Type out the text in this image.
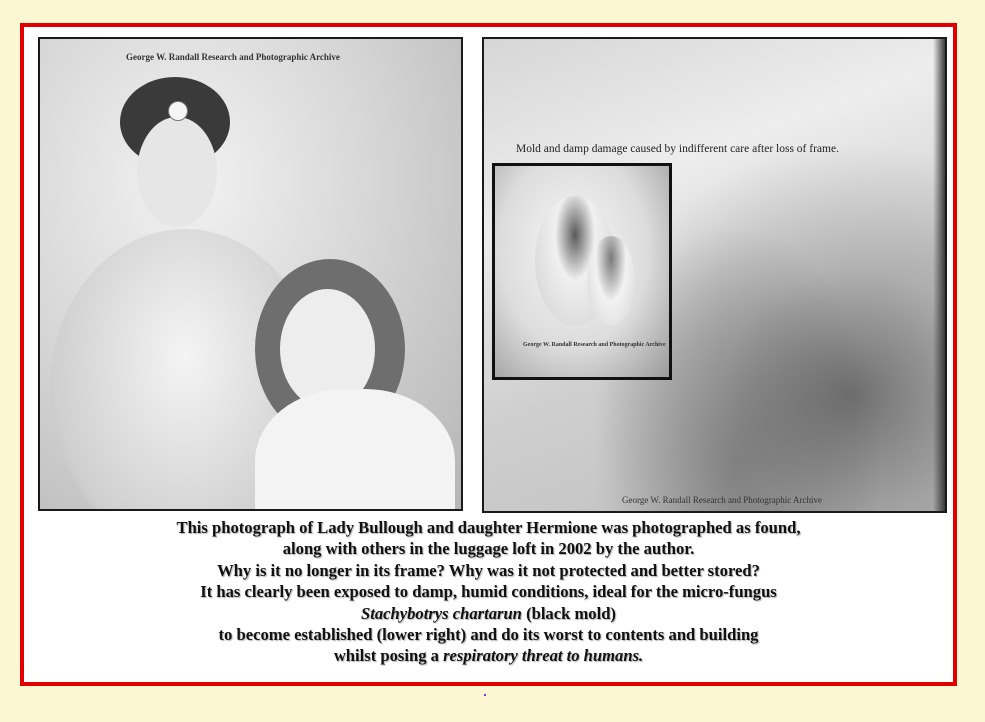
George W. Randall Research and Photographic Archive
Mold and damp damage caused by indifferent care after loss of frame.
George W. Randall Research and Photographic Archive
George W. Randall Research and Photographic Archive
This photograph of Lady Bullough and daughter Hermione was photographed as found,
along with others in the luggage loft in 2002 by the author.
Why is it no longer in its frame? Why was it not protected and better stored?
It has clearly been exposed to damp, humid conditions, ideal for the micro-fungus
Stachybotrys chartarun (black mold)
to become established (lower right) and do its worst to contents and building
whilst posing a respiratory threat to humans.
